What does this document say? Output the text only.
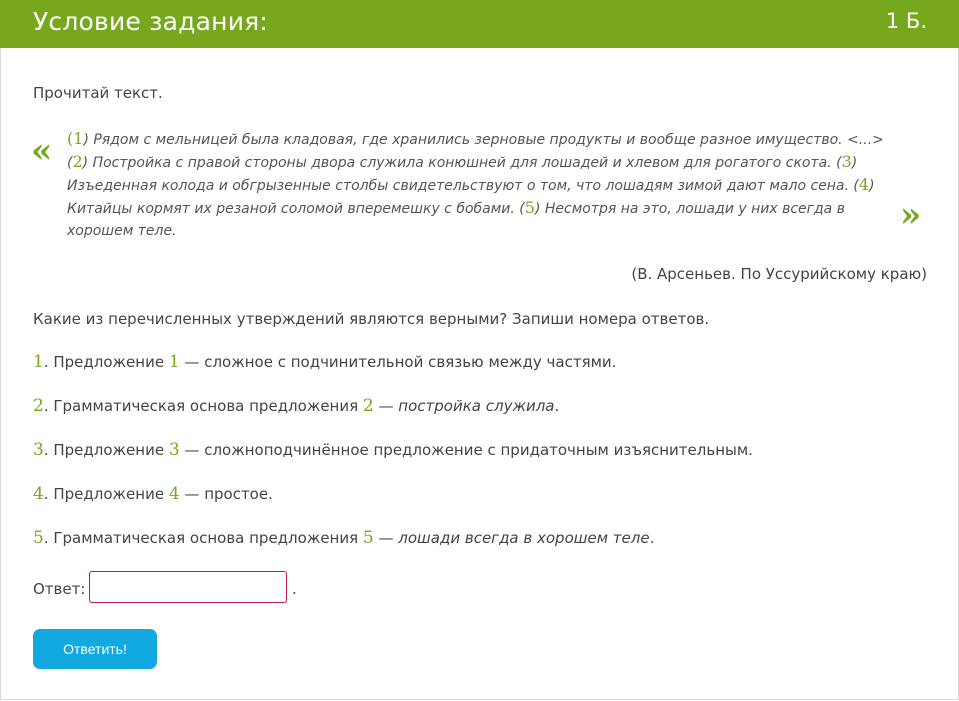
Условие задания:	1 Б.
Прочитай текст.
« (1) Рядом с мельницей была кладовая, где хранились зерновые продукты и вообще разное имущество. <...> (2) Постройка с правой стороны двора служила конюшней для лошадей и хлевом для рогатого скота. (3) Изъеденная колода и обгрызенные столбы свидетельствуют о том, что лошадям зимой дают мало сена. (4) Китайцы кормят их резаной соломой вперемешку с бобами. (5) Несмотря на это, лошади у них всегда в хорошем теле.	»
(В. Арсеньев. По Уссурийскому краю)
Какие из перечисленных утверждений являются верными? Запиши номера ответов.
1. Предложение 1 — сложное с подчинительной связью между частями.
2. Грамматическая основа предложения 2 — постройка служила.
3. Предложение 3 — сложноподчинённое предложение с придаточным изъяснительным.
4. Предложение 4 — простое.
5. Грамматическая основа предложения 5 — лошади всегда в хорошем теле.
Ответ:	.
Ответить!
